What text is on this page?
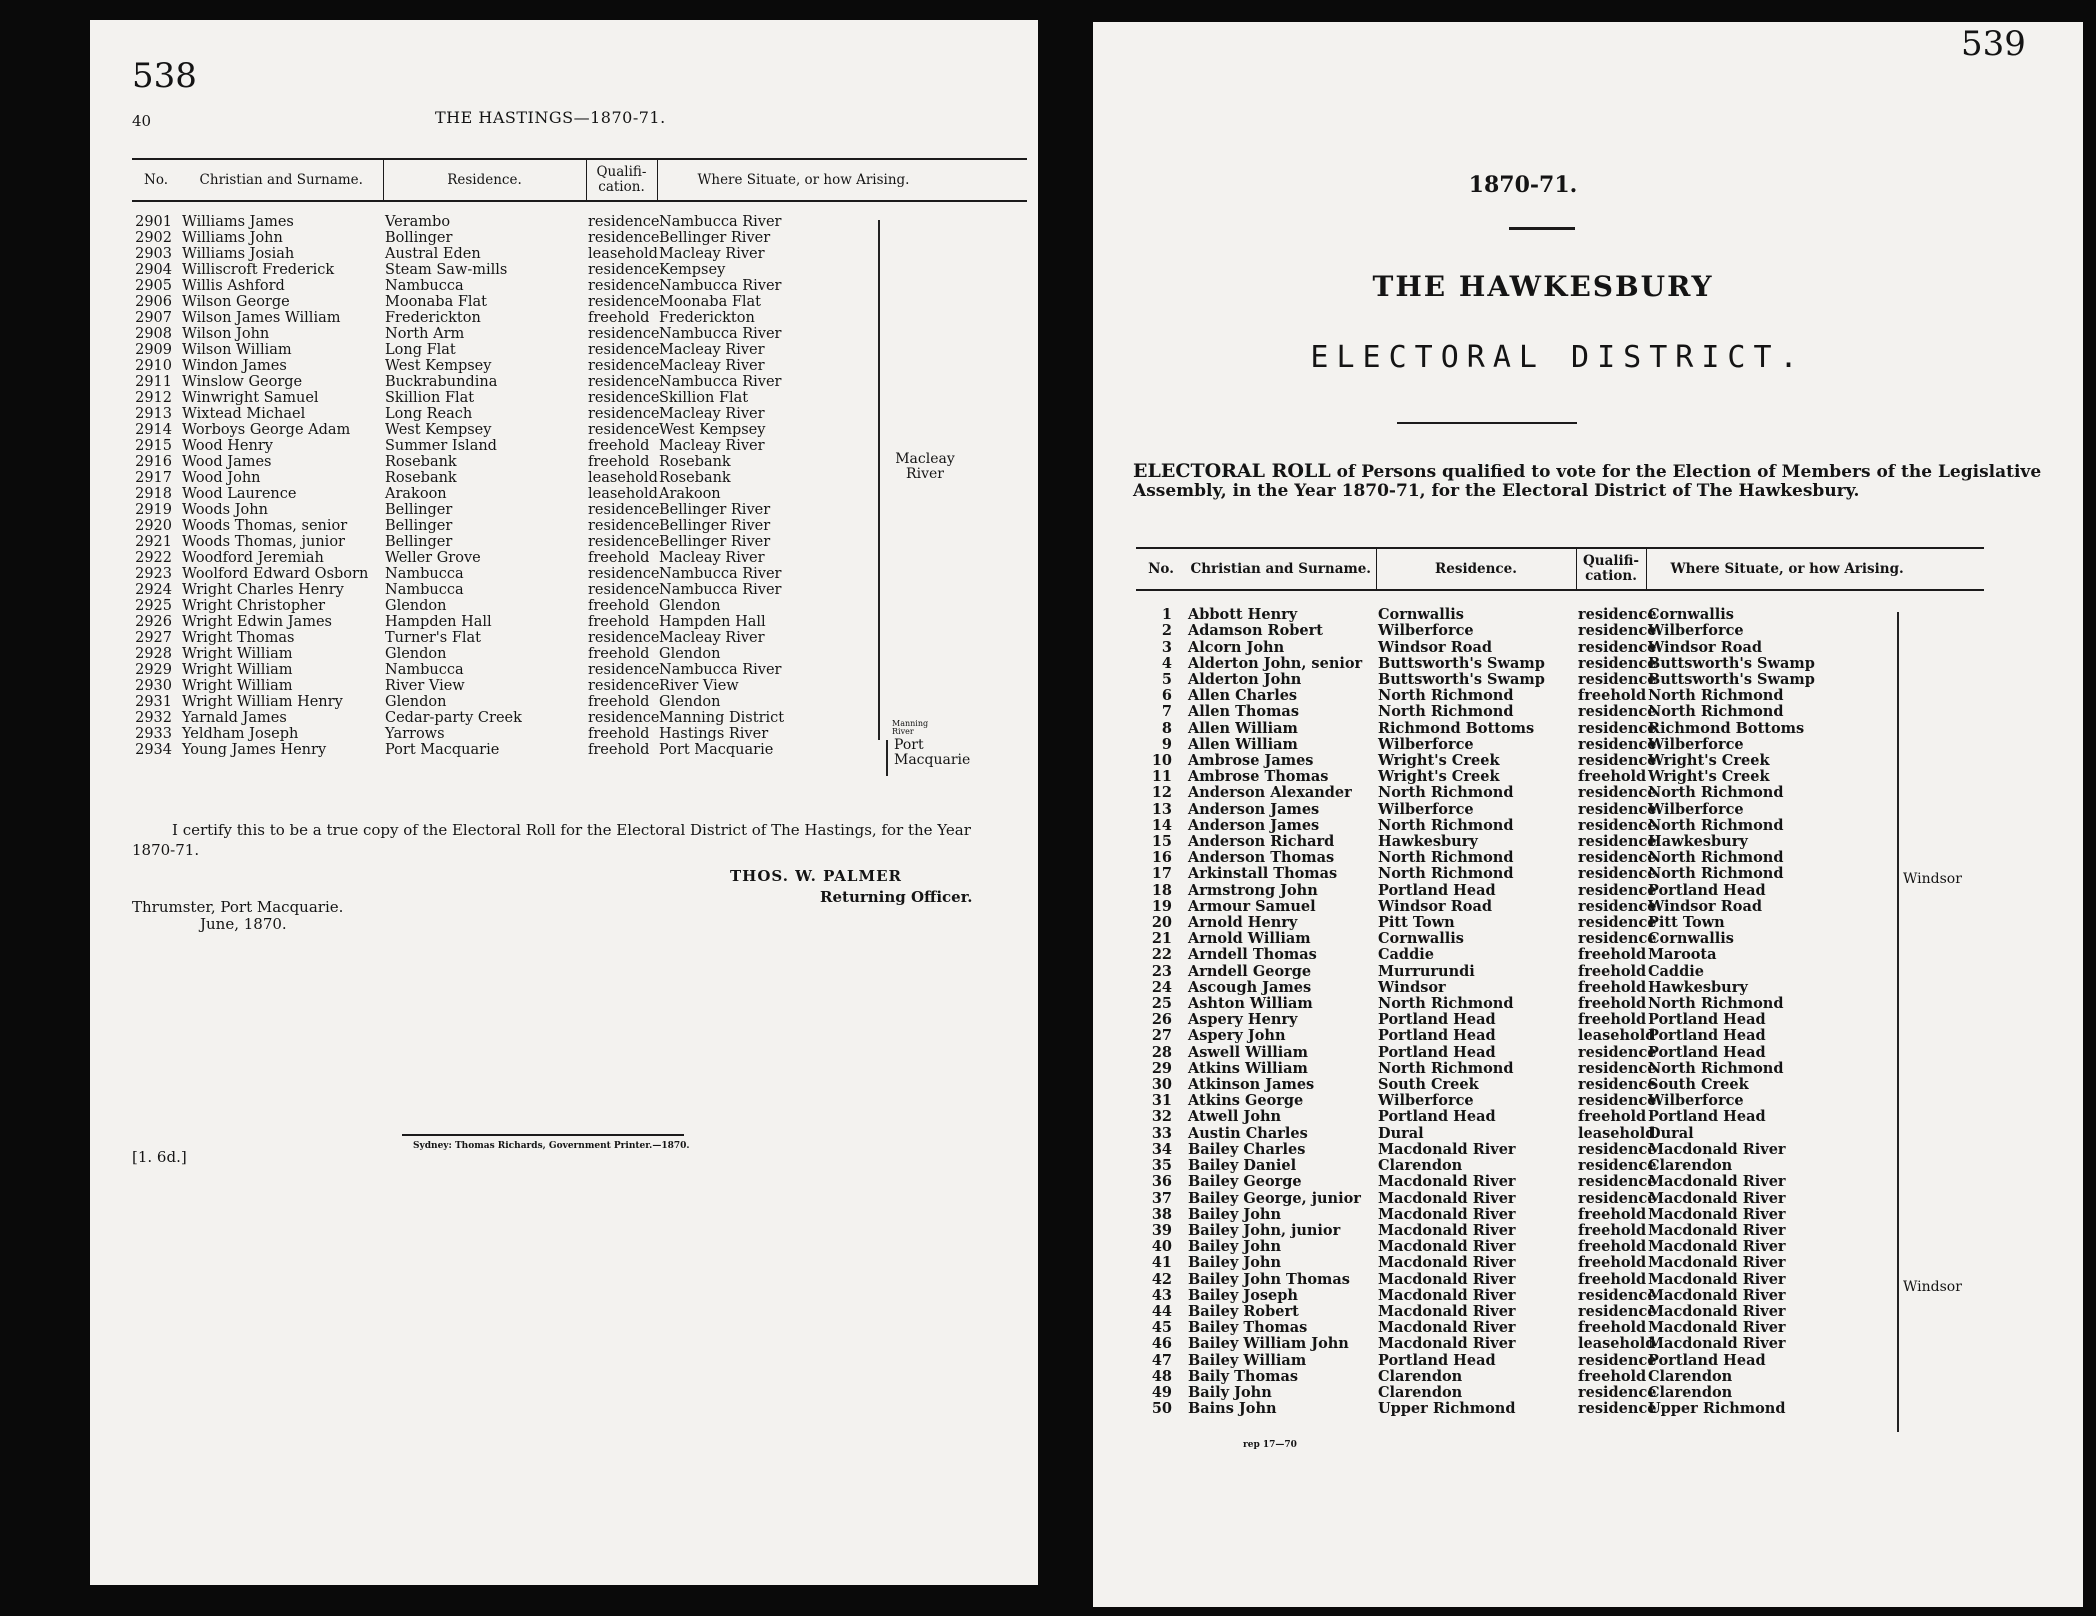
538
40	THE HASTINGS—1870-71.
No.	Christian and Surname.	Residence.	Qualifi-cation.	Where Situate, or how Arising.

2901	Williams James	Verambo	residence	Nambucca River
2902	Williams John	Bollinger	residence	Bellinger River
2903	Williams Josiah	Austral Eden	leasehold	Macleay River
2904	Williscroft Frederick	Steam Saw-mills	residence	Kempsey
2905	Willis Ashford	Nambucca	residence	Nambucca River
2906	Wilson George	Moonaba Flat	residence	Moonaba Flat
2907	Wilson James William	Frederickton	freehold	Frederickton
2908	Wilson John	North Arm	residence	Nambucca River
2909	Wilson William	Long Flat	residence	Macleay River
2910	Windon James	West Kempsey	residence	Macleay River
2911	Winslow George	Buckrabundina	residence	Nambucca River
2912	Winwright Samuel	Skillion Flat	residence	Skillion Flat
2913	Wixtead Michael	Long Reach	residence	Macleay River
2914	Worboys George Adam	West Kempsey	residence	West Kempsey
2915	Wood Henry	Summer Island	freehold	Macleay River
2916	Wood James	Rosebank	freehold	Rosebank
2917	Wood John	Rosebank	leasehold	Rosebank
2918	Wood Laurence	Arakoon	leasehold	Arakoon
2919	Woods John	Bellinger	residence	Bellinger River
2920	Woods Thomas, senior	Bellinger	residence	Bellinger River
2921	Woods Thomas, junior	Bellinger	residence	Bellinger River
2922	Woodford Jeremiah	Weller Grove	freehold	Macleay River
2923	Woolford Edward Osborn	Nambucca	residence	Nambucca River
2924	Wright Charles Henry	Nambucca	residence	Nambucca River
2925	Wright Christopher	Glendon	freehold	Glendon
2926	Wright Edwin James	Hampden Hall	freehold	Hampden Hall
2927	Wright Thomas	Turner's Flat	residence	Macleay River
2928	Wright William	Glendon	freehold	Glendon
2929	Wright William	Nambucca	residence	Nambucca River
2930	Wright William	River View	residence	River View
2931	Wright William Henry	Glendon	freehold	Glendon
2932	Yarnald James	Cedar-party Creek	residence	Manning District
2933	Yeldham Joseph	Yarrows	freehold	Hastings River
2934	Young James Henry	Port Macquarie	freehold	Port Macquarie
Macleay River
Manning River
Port Macquarie
I certify this to be a true copy of the Electoral Roll for the Electoral District of The Hastings, for the Year 1870-71.
THOS. W. PALMER
Returning Officer.
Thrumster, Port Macquarie.
June, 1870.
[1. 6d.]
Sydney: Thomas Richards, Government Printer.—1870.
539
1870-71.
THE HAWKESBURY
ELECTORAL DISTRICT.
ELECTORAL ROLL of Persons qualified to vote for the Election of Members of the Legislative Assembly, in the Year 1870-71, for the Electoral District of The Hawkesbury.
No.	Christian and Surname.	Residence.	Qualifi-cation.	Where Situate, or how Arising.

1	Abbott Henry	Cornwallis	residence	Cornwallis
2	Adamson Robert	Wilberforce	residence	Wilberforce
3	Alcorn John	Windsor Road	residence	Windsor Road
4	Alderton John, senior	Buttsworth's Swamp	residence	Buttsworth's Swamp
5	Alderton John	Buttsworth's Swamp	residence	Buttsworth's Swamp
6	Allen Charles	North Richmond	freehold	North Richmond
7	Allen Thomas	North Richmond	residence	North Richmond
8	Allen William	Richmond Bottoms	residence	Richmond Bottoms
9	Allen William	Wilberforce	residence	Wilberforce
10	Ambrose James	Wright's Creek	residence	Wright's Creek
11	Ambrose Thomas	Wright's Creek	freehold	Wright's Creek
12	Anderson Alexander	North Richmond	residence	North Richmond
13	Anderson James	Wilberforce	residence	Wilberforce
14	Anderson James	North Richmond	residence	North Richmond
15	Anderson Richard	Hawkesbury	residence	Hawkesbury
16	Anderson Thomas	North Richmond	residence	North Richmond
17	Arkinstall Thomas	North Richmond	residence	North Richmond
18	Armstrong John	Portland Head	residence	Portland Head
19	Armour Samuel	Windsor Road	residence	Windsor Road
20	Arnold Henry	Pitt Town	residence	Pitt Town
21	Arnold William	Cornwallis	residence	Cornwallis
22	Arndell Thomas	Caddie	freehold	Maroota
23	Arndell George	Murrurundi	freehold	Caddie
24	Ascough James	Windsor	freehold	Hawkesbury
25	Ashton William	North Richmond	freehold	North Richmond
26	Aspery Henry	Portland Head	freehold	Portland Head
27	Aspery John	Portland Head	leasehold	Portland Head
28	Aswell William	Portland Head	residence	Portland Head
29	Atkins William	North Richmond	residence	North Richmond
30	Atkinson James	South Creek	residence	South Creek
31	Atkins George	Wilberforce	residence	Wilberforce
32	Atwell John	Portland Head	freehold	Portland Head
33	Austin Charles	Dural	leasehold	Dural
34	Bailey Charles	Macdonald River	residence	Macdonald River
35	Bailey Daniel	Clarendon	residence	Clarendon
36	Bailey George	Macdonald River	residence	Macdonald River
37	Bailey George, junior	Macdonald River	residence	Macdonald River
38	Bailey John	Macdonald River	freehold	Macdonald River
39	Bailey John, junior	Macdonald River	freehold	Macdonald River
40	Bailey John	Macdonald River	freehold	Macdonald River
41	Bailey John	Macdonald River	freehold	Macdonald River
42	Bailey John Thomas	Macdonald River	freehold	Macdonald River
43	Bailey Joseph	Macdonald River	residence	Macdonald River
44	Bailey Robert	Macdonald River	residence	Macdonald River
45	Bailey Thomas	Macdonald River	freehold	Macdonald River
46	Bailey William John	Macdonald River	leasehold	Macdonald River
47	Bailey William	Portland Head	residence	Portland Head
48	Baily Thomas	Clarendon	freehold	Clarendon
49	Baily John	Clarendon	residence	Clarendon
50	Bains John	Upper Richmond	residence	Upper Richmond
Windsor
Windsor
rep 17—70
